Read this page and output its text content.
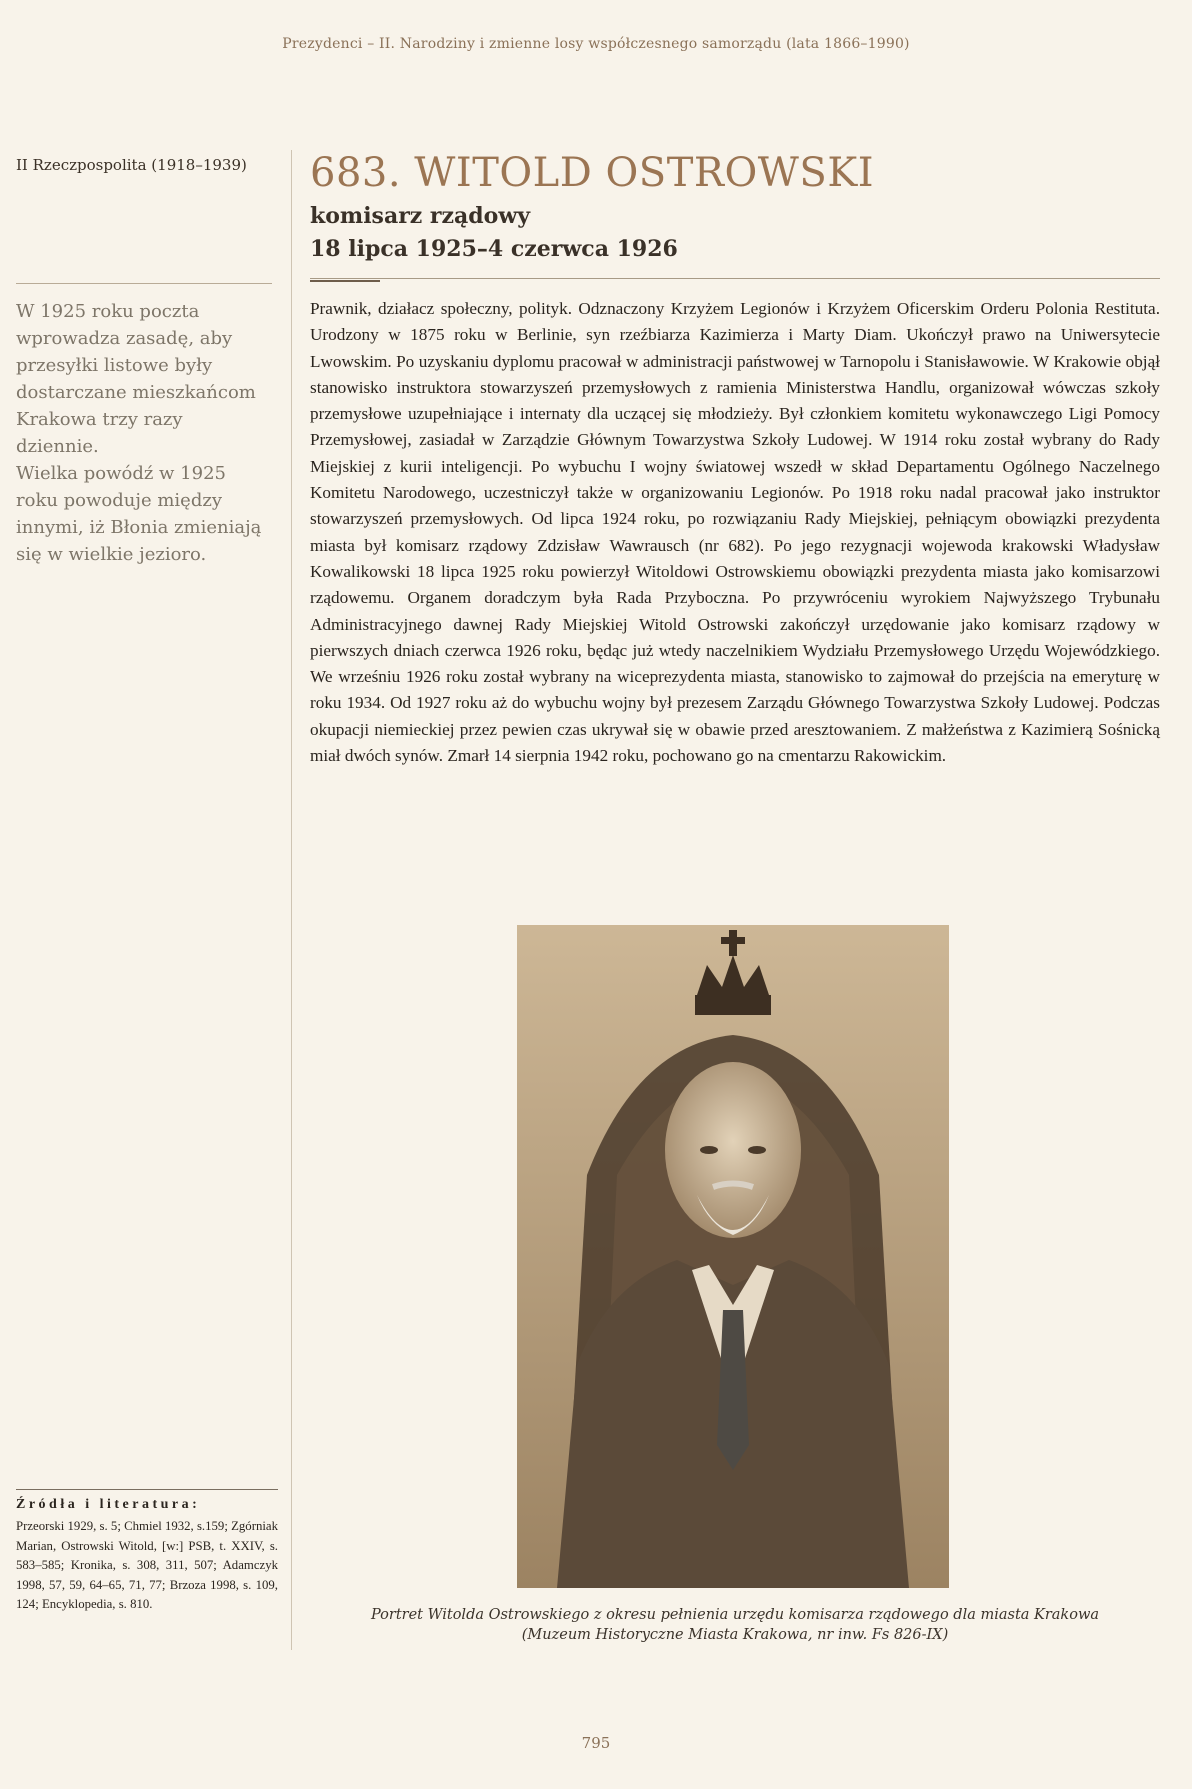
Prezydenci – II. Narodziny i zmienne losy współczesnego samorządu (lata 1866–1990)
II Rzeczpospolita (1918–1939)
W 1925 roku poczta wprowadza zasadę, aby przesyłki listowe były dostarczane mieszkańcom Krakowa trzy razy dziennie.
Wielka powódź w 1925 roku powoduje między innymi, iż Błonia zmieniają się w wielkie jezioro.
683. WITOLD OSTROWSKI
komisarz rządowy
18 lipca 1925–4 czerwca 1926
Prawnik, działacz społeczny, polityk. Odznaczony Krzyżem Legionów i Krzyżem Oficerskim Orderu Polonia Restituta. Urodzony w 1875 roku w Berlinie, syn rzeźbiarza Kazimierza i Marty Diam. Ukończył prawo na Uniwersytecie Lwowskim. Po uzyskaniu dyplomu pracował w administracji państwowej w Tarnopolu i Stanisławowie. W Krakowie objął stanowisko instruktora stowarzyszeń przemysłowych z ramienia Ministerstwa Handlu, organizował wówczas szkoły przemysłowe uzupełniające i internaty dla uczącej się młodzieży. Był członkiem komitetu wykonawczego Ligi Pomocy Przemysłowej, zasiadał w Zarządzie Głównym Towarzystwa Szkoły Ludowej. W 1914 roku został wybrany do Rady Miejskiej z kurii inteligencji. Po wybuchu I wojny światowej wszedł w skład Departamentu Ogólnego Naczelnego Komitetu Narodowego, uczestniczył także w organizowaniu Legionów. Po 1918 roku nadal pracował jako instruktor stowarzyszeń przemysłowych. Od lipca 1924 roku, po rozwiązaniu Rady Miejskiej, pełniącym obowiązki prezydenta miasta był komisarz rządowy Zdzisław Wawrausch (nr 682). Po jego rezygnacji wojewoda krakowski Władysław Kowalikowski 18 lipca 1925 roku powierzył Witoldowi Ostrowskiemu obowiązki prezydenta miasta jako komisarzowi rządowemu. Organem doradczym była Rada Przyboczna. Po przywróceniu wyrokiem Najwyższego Trybunału Administracyjnego dawnej Rady Miejskiej Witold Ostrowski zakończył urzędowanie jako komisarz rządowy w pierwszych dniach czerwca 1926 roku, będąc już wtedy naczelnikiem Wydziału Przemysłowego Urzędu Wojewódzkiego. We wrześniu 1926 roku został wybrany na wiceprezydenta miasta, stanowisko to zajmował do przejścia na emeryturę w roku 1934. Od 1927 roku aż do wybuchu wojny był prezesem Zarządu Głównego Towarzystwa Szkoły Ludowej. Podczas okupacji niemieckiej przez pewien czas ukrywał się w obawie przed aresztowaniem. Z małżeństwa z Kazimierą Sośnicką miał dwóch synów. Zmarł 14 sierpnia 1942 roku, pochowano go na cmentarzu Rakowickim.
Portret Witolda Ostrowskiego z okresu pełnienia urzędu komisarza rządowego dla miasta Krakowa
(Muzeum Historyczne Miasta Krakowa, nr inw. Fs 826-IX)
Źródła i literatura:
Przeorski 1929, s. 5; Chmiel 1932, s.159; Zgórniak Marian, Ostrowski Witold, [w:] PSB, t. XXIV, s. 583–585; Kronika, s. 308, 311, 507; Adamczyk 1998, 57, 59, 64–65, 71, 77; Brzoza 1998, s. 109, 124; Encyklopedia, s. 810.
795
